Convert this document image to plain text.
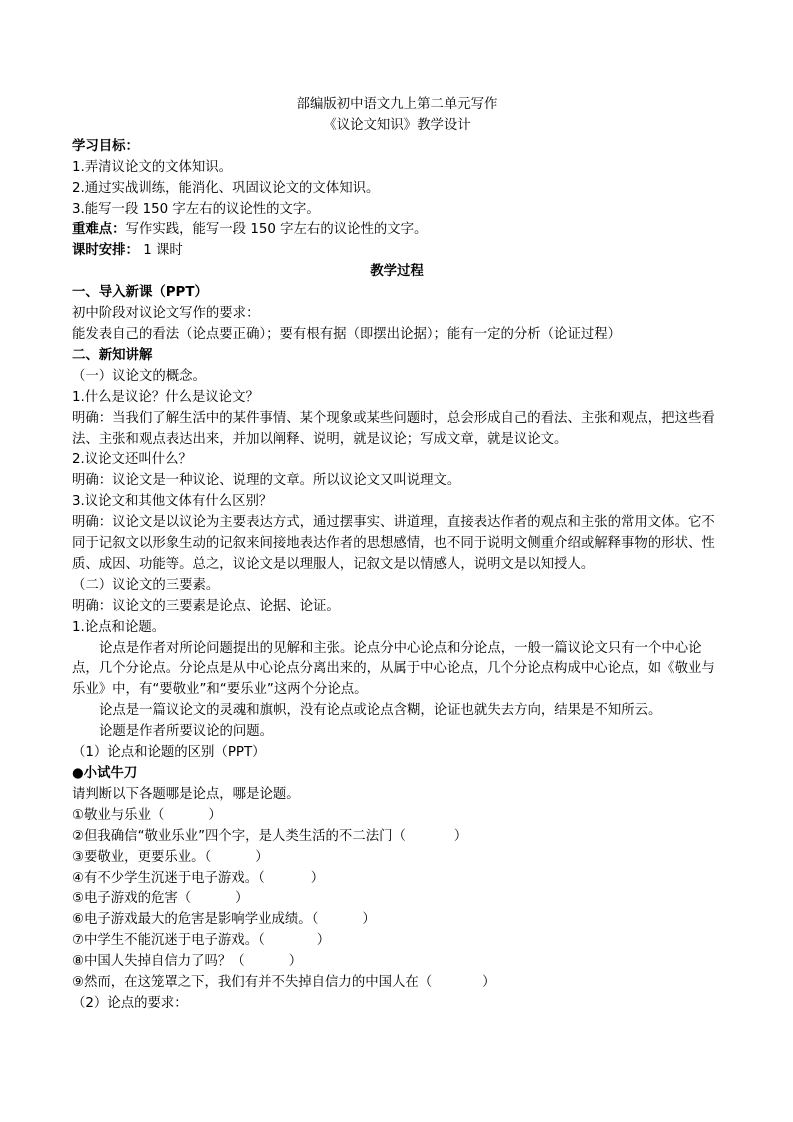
部编版初中语文九上第二单元写作
《议论文知识》教学设计
学习目标：
1.弄清议论文的文体知识。
2.通过实战训练，能消化、巩固议论文的文体知识。
3.能写一段 150 字左右的议论性的文字。
重难点：写作实践，能写一段 150 字左右的议论性的文字。
课时安排： 1 课时
教学过程
一、导入新课（PPT）
初中阶段对议论文写作的要求：
能发表自己的看法（论点要正确）；要有根有据（即摆出论据）；能有一定的分析（论证过程）
二、新知讲解
（一）议论文的概念。
1.什么是议论？什么是议论文？
明确：当我们了解生活中的某件事情、某个现象或某些问题时，总会形成自己的看法、主张和观点，把这些看法、主张和观点表达出来，并加以阐释、说明，就是议论；写成文章，就是议论文。
2.议论文还叫什么？
明确：议论文是一种议论、说理的文章。所以议论文又叫说理文。
3.议论文和其他文体有什么区别？
明确：议论文是以议论为主要表达方式，通过摆事实、讲道理，直接表达作者的观点和主张的常用文体。它不同于记叙文以形象生动的记叙来间接地表达作者的思想感情，也不同于说明文侧重介绍或解释事物的形状、性质、成因、功能等。总之，议论文是以理服人，记叙文是以情感人，说明文是以知授人。
（二）议论文的三要素。
明确：议论文的三要素是论点、论据、论证。
1.论点和论题。
论点是作者对所论问题提出的见解和主张。论点分中心论点和分论点，一般一篇议论文只有一个中心论点，几个分论点。分论点是从中心论点分离出来的，从属于中心论点，几个分论点构成中心论点，如《敬业与乐业》中，有“要敬业”和“要乐业”这两个分论点。
论点是一篇议论文的灵魂和旗帜，没有论点或论点含糊，论证也就失去方向，结果是不知所云。
论题是作者所要议论的问题。
（1）论点和论题的区别（PPT）
●小试牛刀
请判断以下各题哪是论点，哪是论题。
①敬业与乐业（	）
②但我确信“敬业乐业”四个字，是人类生活的不二法门（	）
③要敬业，更要乐业。（	）
④有不少学生沉迷于电子游戏。（	）
⑤电子游戏的危害（	）
⑥电子游戏最大的危害是影响学业成绩。（	）
⑦中学生不能沉迷于电子游戏。（	）
⑧中国人失掉自信力了吗？（	）
⑨然而，在这笼罩之下，我们有并不失掉自信力的中国人在（	）
（2）论点的要求：
